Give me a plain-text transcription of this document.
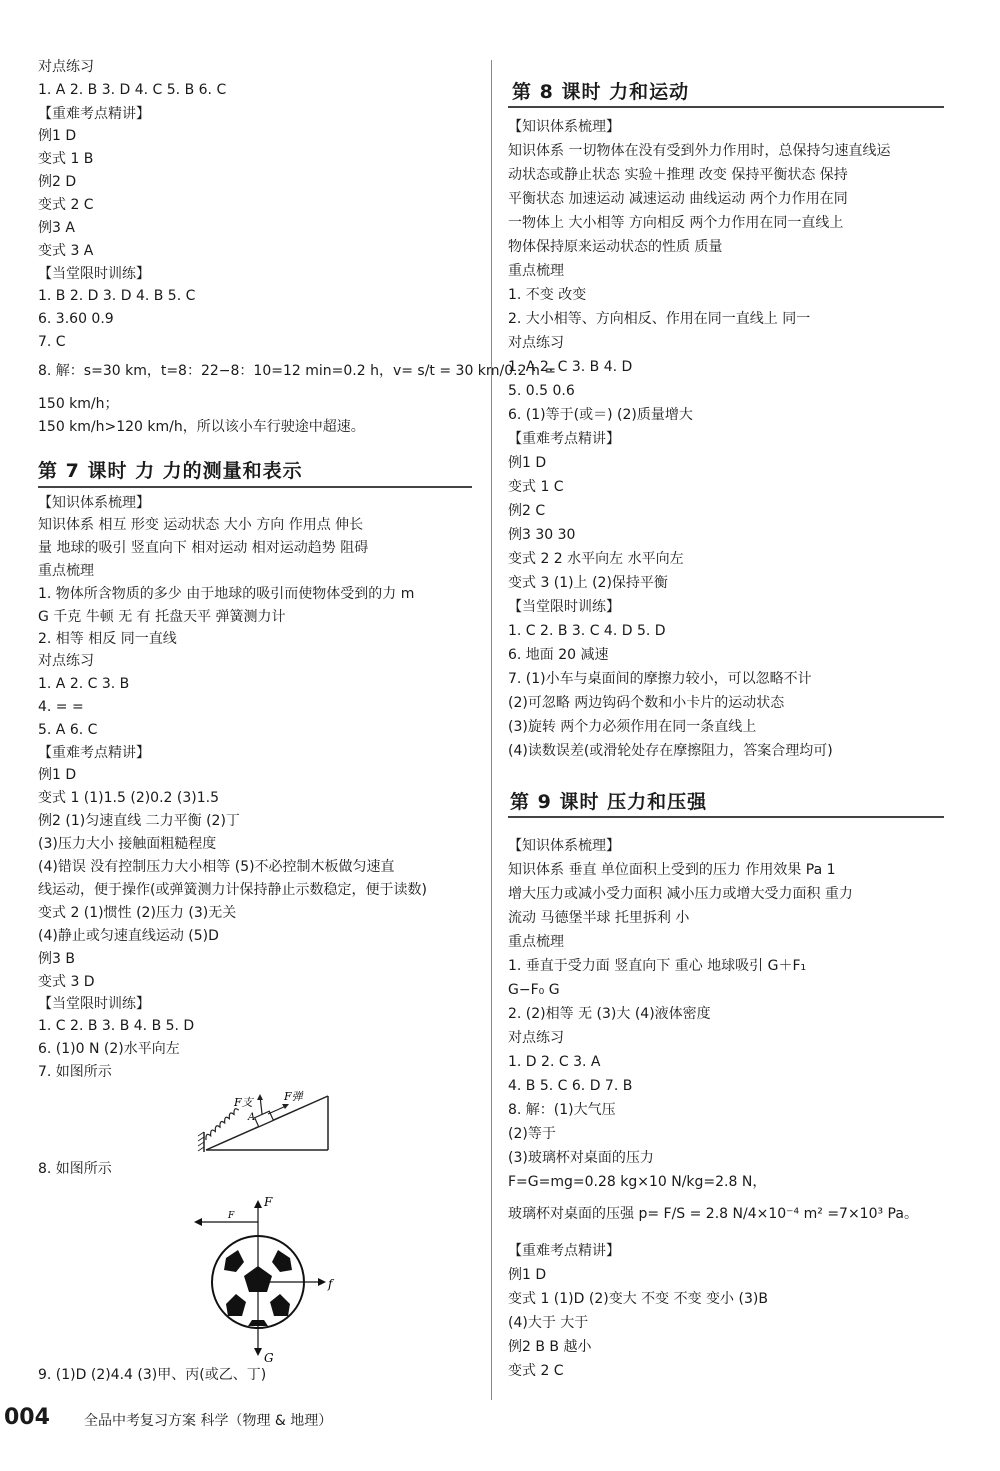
对点练习
1. A 2. B 3. D 4. C 5. B 6. C
【重难考点精讲】
例1 D
变式 1 B
例2 D
变式 2 C
例3 A
变式 3 A
【当堂限时训练】
1. B 2. D 3. D 4. B 5. C
6. 3.60 0.9
7. C
8. 解：s=30 km，t=8：22−8：10=12 min=0.2 h，v= s/t = 30 km/0.2 h =
150 km/h；
150 km/h>120 km/h，所以该小车行驶途中超速。
【知识体系梳理】
知识体系 相互 形变 运动状态 大小 方向 作用点 伸长
量 地球的吸引 竖直向下 相对运动 相对运动趋势 阻碍
重点梳理
1. 物体所含物质的多少 由于地球的吸引而使物体受到的力 m
G 千克 牛顿 无 有 托盘天平 弹簧测力计
2. 相等 相反 同一直线
对点练习
1. A 2. C 3. B
4. = =
5. A 6. C
【重难考点精讲】
例1 D
变式 1 (1)1.5 (2)0.2 (3)1.5
例2 (1)匀速直线 二力平衡 (2)丁
(3)压力大小 接触面粗糙程度
(4)错误 没有控制压力大小相等 (5)不必控制木板做匀速直
线运动，便于操作(或弹簧测力计保持静止示数稳定，便于读数)
变式 2 (1)惯性 (2)压力 (3)无关
(4)静止或匀速直线运动 (5)D
例3 B
变式 3 D
【当堂限时训练】
1. C 2. B 3. B 4. B 5. D
6. (1)0 N (2)水平向左
7. 如图所示
8. 如图所示
9. (1)D (2)4.4 (3)甲、丙(或乙、丁)
【知识体系梳理】
知识体系 一切物体在没有受到外力作用时，总保持匀速直线运
动状态或静止状态 实验＋推理 改变 保持平衡状态 保持
平衡状态 加速运动 减速运动 曲线运动 两个力作用在同
一物体上 大小相等 方向相反 两个力作用在同一直线上
物体保持原来运动状态的性质 质量
重点梳理
1. 不变 改变
2. 大小相等、方向相反、作用在同一直线上 同一
对点练习
1. A 2. C 3. B 4. D
5. 0.5 0.6
6. (1)等于(或＝) (2)质量增大
【重难考点精讲】
例1 D
变式 1 C
例2 C
例3 30 30
变式 2 2 水平向左 水平向左
变式 3 (1)上 (2)保持平衡
【当堂限时训练】
1. C 2. B 3. C 4. D 5. D
6. 地面 20 减速
7. (1)小车与桌面间的摩擦力较小，可以忽略不计
(2)可忽略 两边钩码个数和小卡片的运动状态
(3)旋转 两个力必须作用在同一条直线上
(4)读数误差(或滑轮处存在摩擦阻力，答案合理均可)
【知识体系梳理】
知识体系 垂直 单位面积上受到的压力 作用效果 Pa 1
增大压力或减小受力面积 减小压力或增大受力面积 重力
流动 马德堡半球 托里拆利 小
重点梳理
1. 垂直于受力面 竖直向下 重心 地球吸引 G＋F₁
G−F₀ G
2. (2)相等 无 (3)大 (4)液体密度
对点练习
1. D 2. C 3. A
4. B 5. C 6. D 7. B
8. 解：(1)大气压
(2)等于
(3)玻璃杯对桌面的压力
F=G=mg=0.28 kg×10 N/kg=2.8 N，
玻璃杯对桌面的压强 p= F/S = 2.8 N/4×10⁻⁴ m² =7×10³ Pa。
【重难考点精讲】
例1 D
变式 1 (1)D (2)变大 不变 不变 变小 (3)B
(4)大于 大于
例2 B B 越小
变式 2 C
第 7 课时 力 力的测量和表示
第 8 课时 力和运动
第 9 课时 压力和压强
F支	F弹
A
F
f
G
F
004 全品中考复习方案 科学（物理 & 地理）
